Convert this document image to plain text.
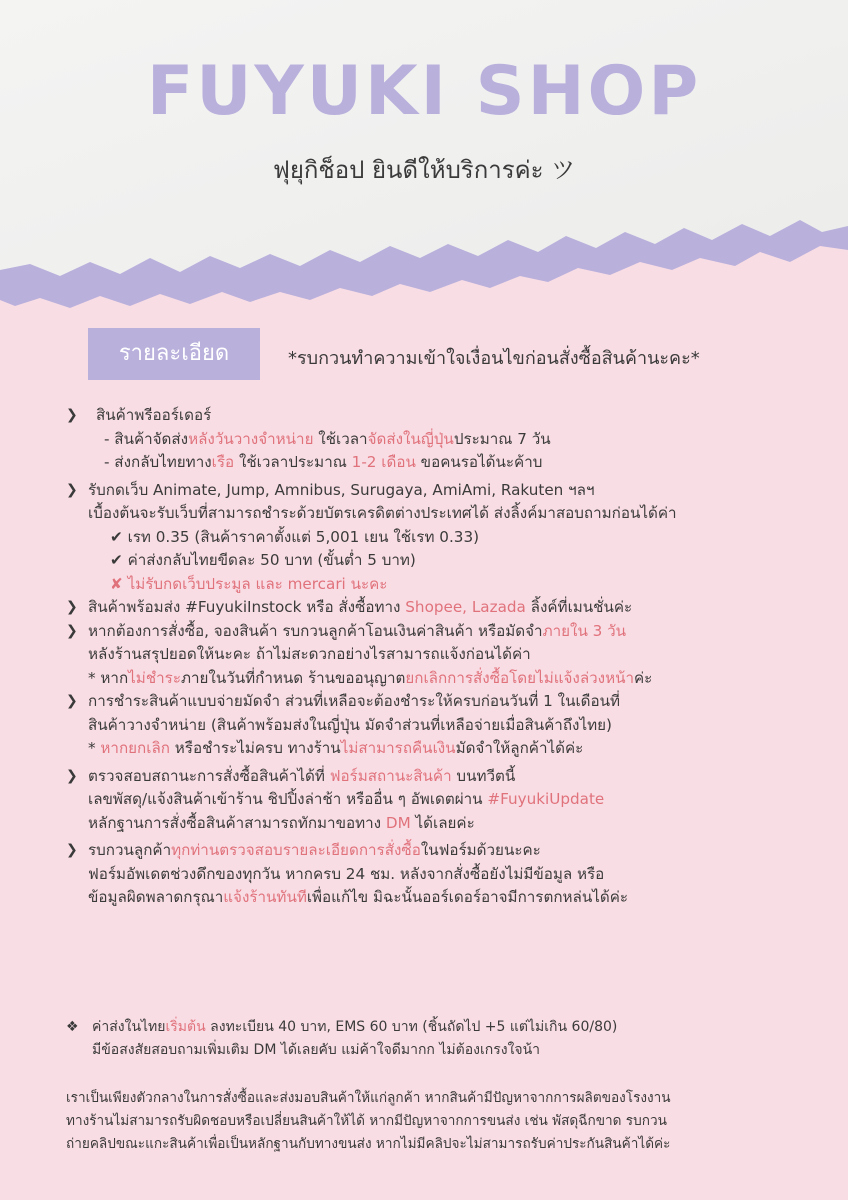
FUYUKI SHOP

ฟุยุกิช็อป ยินดีให้บริการค่ะ ツ

รายละเอียด	*รบกวนทำความเข้าใจเงื่อนไขก่อนสั่งซื้อสินค้านะคะ*
❯ สินค้าพรีออร์เดอร์
- สินค้าจัดส่งหลังวันวางจำหน่าย ใช้เวลาจัดส่งในญี่ปุ่นประมาณ 7 วัน
- ส่งกลับไทยทางเรือ ใช้เวลาประมาณ 1-2 เดือน ขอคนรอได้นะค้าบ
❯ รับกดเว็บ Animate, Jump, Amnibus, Surugaya, AmiAmi, Rakuten ฯลฯ
เบื้องต้นจะรับเว็บที่สามารถชำระด้วยบัตรเครดิตต่างประเทศได้ ส่งลิ้งค์มาสอบถามก่อนได้ค่า
✔ เรท 0.35 (สินค้าราคาตั้งแต่ 5,001 เยน ใช้เรท 0.33)
✔ ค่าส่งกลับไทยขีดละ 50 บาท (ขั้นต่ำ 5 บาท)
✘ ไม่รับกดเว็บประมูล และ mercari นะคะ
❯ สินค้าพร้อมส่ง #FuyukiInstock หรือ สั่งซื้อทาง Shopee, Lazada ลิ้งค์ที่เมนชั่นค่ะ
❯ หากต้องการสั่งซื้อ, จองสินค้า รบกวนลูกค้าโอนเงินค่าสินค้า หรือมัดจำภายใน 3 วัน
หลังร้านสรุปยอดให้นะคะ ถ้าไม่สะดวกอย่างไรสามารถแจ้งก่อนได้ค่า
* หากไม่ชำระภายในวันที่กำหนด ร้านขออนุญาตยกเลิกการสั่งซื้อโดยไม่แจ้งล่วงหน้าค่ะ
❯ การชำระสินค้าแบบจ่ายมัดจำ ส่วนที่เหลือจะต้องชำระให้ครบก่อนวันที่ 1 ในเดือนที่
สินค้าวางจำหน่าย (สินค้าพร้อมส่งในญี่ปุ่น มัดจำส่วนที่เหลือจ่ายเมื่อสินค้าถึงไทย)
* หากยกเลิก หรือชำระไม่ครบ ทางร้านไม่สามารถคืนเงินมัดจำให้ลูกค้าได้ค่ะ
❯ ตรวจสอบสถานะการสั่งซื้อสินค้าได้ที่ ฟอร์มสถานะสินค้า บนทวีตนี้
เลขพัสดุ/แจ้งสินค้าเข้าร้าน ชิปปิ้งล่าช้า หรืออื่น ๆ อัพเดตผ่าน #FuyukiUpdate
หลักฐานการสั่งซื้อสินค้าสามารถทักมาขอทาง DM ได้เลยค่ะ
❯ รบกวนลูกค้าทุกท่านตรวจสอบรายละเอียดการสั่งซื้อในฟอร์มด้วยนะคะ
ฟอร์มอัพเดตช่วงดึกของทุกวัน หากครบ 24 ชม. หลังจากสั่งซื้อยังไม่มีข้อมูล หรือ
ข้อมูลผิดพลาดกรุณาแจ้งร้านทันทีเพื่อแก้ไข มิฉะนั้นออร์เดอร์อาจมีการตกหล่นได้ค่ะ
❖ ค่าส่งในไทยเริ่มต้น ลงทะเบียน 40 บาท, EMS 60 บาท (ชิ้นถัดไป +5 แต่ไม่เกิน 60/80)
มีข้อสงสัยสอบถามเพิ่มเติม DM ได้เลยคับ แม่ค้าใจดีมากก ไม่ต้องเกรงใจน้า
เราเป็นเพียงตัวกลางในการสั่งซื้อและส่งมอบสินค้าให้แก่ลูกค้า หากสินค้ามีปัญหาจากการผลิตของโรงงาน
ทางร้านไม่สามารถรับผิดชอบหรือเปลี่ยนสินค้าให้ได้ หากมีปัญหาจากการขนส่ง เช่น พัสดุฉีกขาด รบกวน
ถ่ายคลิปขณะแกะสินค้าเพื่อเป็นหลักฐานกับทางขนส่ง หากไม่มีคลิปจะไม่สามารถรับค่าประกันสินค้าได้ค่ะ
